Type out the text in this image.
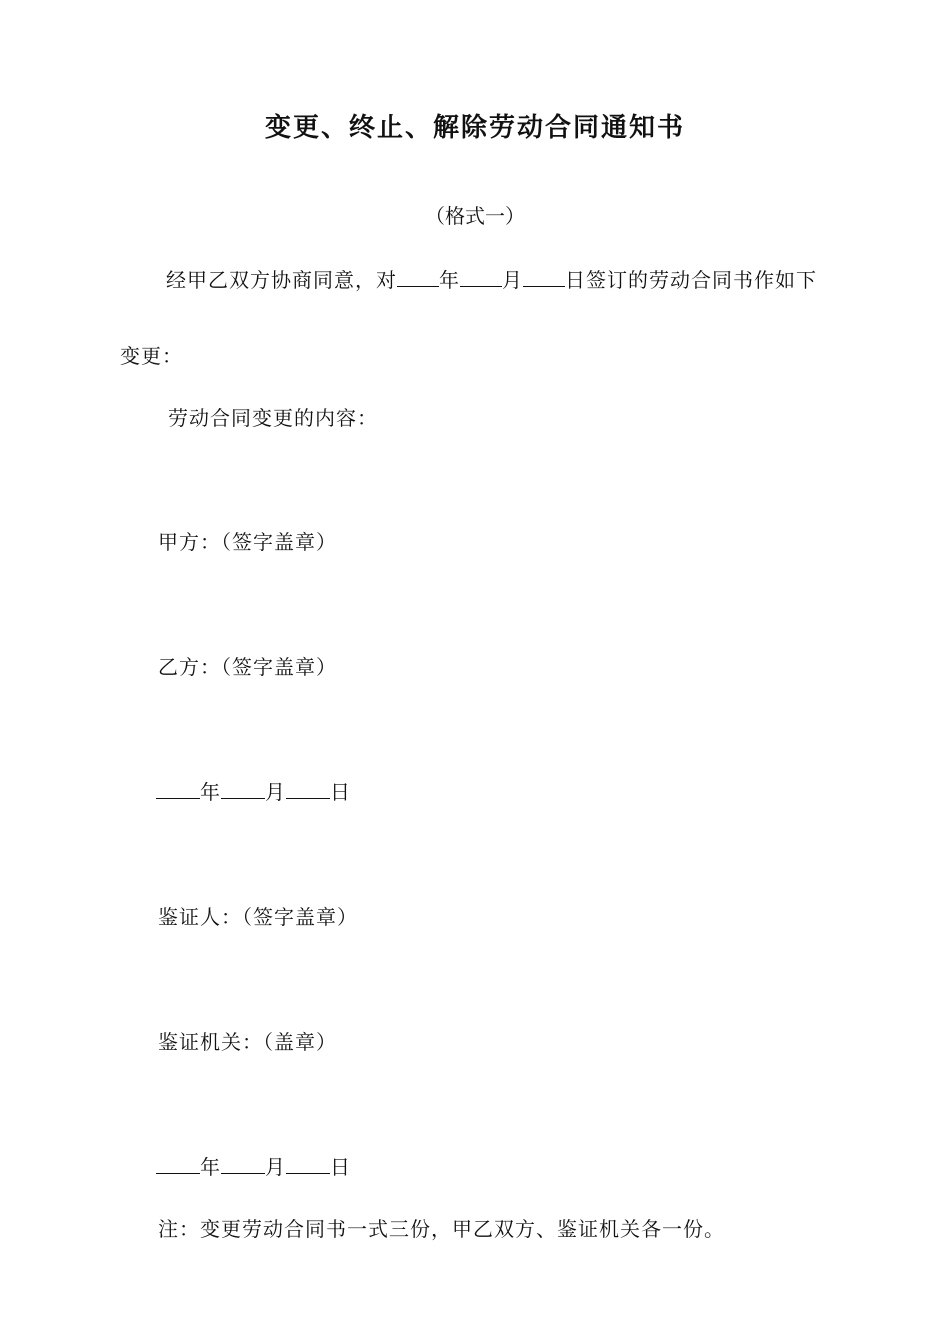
变更、终止、解除劳动合同通知书

（格式一）

经甲乙双方协商同意，对 年 月 日签订的劳动合同书作如下

变更：

劳动合同变更的内容：

甲方：（签字盖章）

乙方：（签字盖章）

年 月 日

鉴证人：（签字盖章）

鉴证机关：（盖章）

年 月 日

注：变更劳动合同书一式三份，甲乙双方、鉴证机关各一份。
